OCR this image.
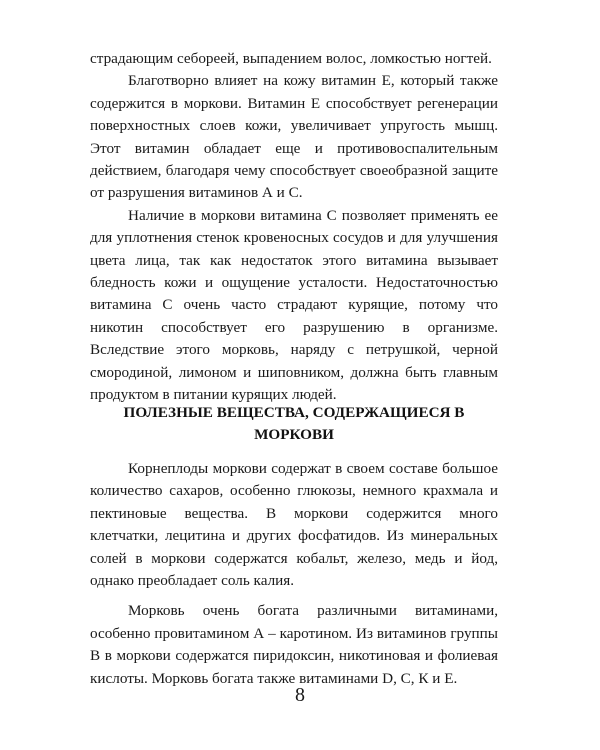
страдающим себореей, выпадением волос, ломкостью ногтей.

Благотворно влияет на кожу витамин Е, который также содержится в моркови. Витамин Е способствует регенерации поверхностных слоев кожи, увеличивает упругость мышц. Этот витамин обладает еще и противовоспалительным действием, благодаря чему способствует своеобразной защите от разрушения витаминов А и С.

Наличие в моркови витамина С позволяет применять ее для уплотнения стенок кровеносных сосудов и для улучшения цвета лица, так как недостаток этого витамина вызывает бледность кожи и ощущение усталости. Недостаточностью витамина С очень часто страдают курящие, потому что никотин способствует его разрушению в организме. Вследствие этого морковь, наряду с петрушкой, черной смородиной, лимоном и шиповником, должна быть главным продуктом в питании курящих людей.

ПОЛЕЗНЫЕ ВЕЩЕСТВА, СОДЕРЖАЩИЕСЯ В
МОРКОВИ

Корнеплоды моркови содержат в своем составе большое количество сахаров, особенно глюкозы, немного крахмала и пектиновые вещества. В моркови содержится много клетчатки, лецитина и других фосфатидов. Из минеральных солей в моркови содержатся кобальт, железо, медь и йод, однако преобладает соль калия.

Морковь очень богата различными витаминами, особенно провитамином А – каротином. Из витаминов группы В в моркови содержатся пиридоксин, никотиновая и фолиевая кислоты. Морковь богата также витаминами D, С, К и Е.

8
